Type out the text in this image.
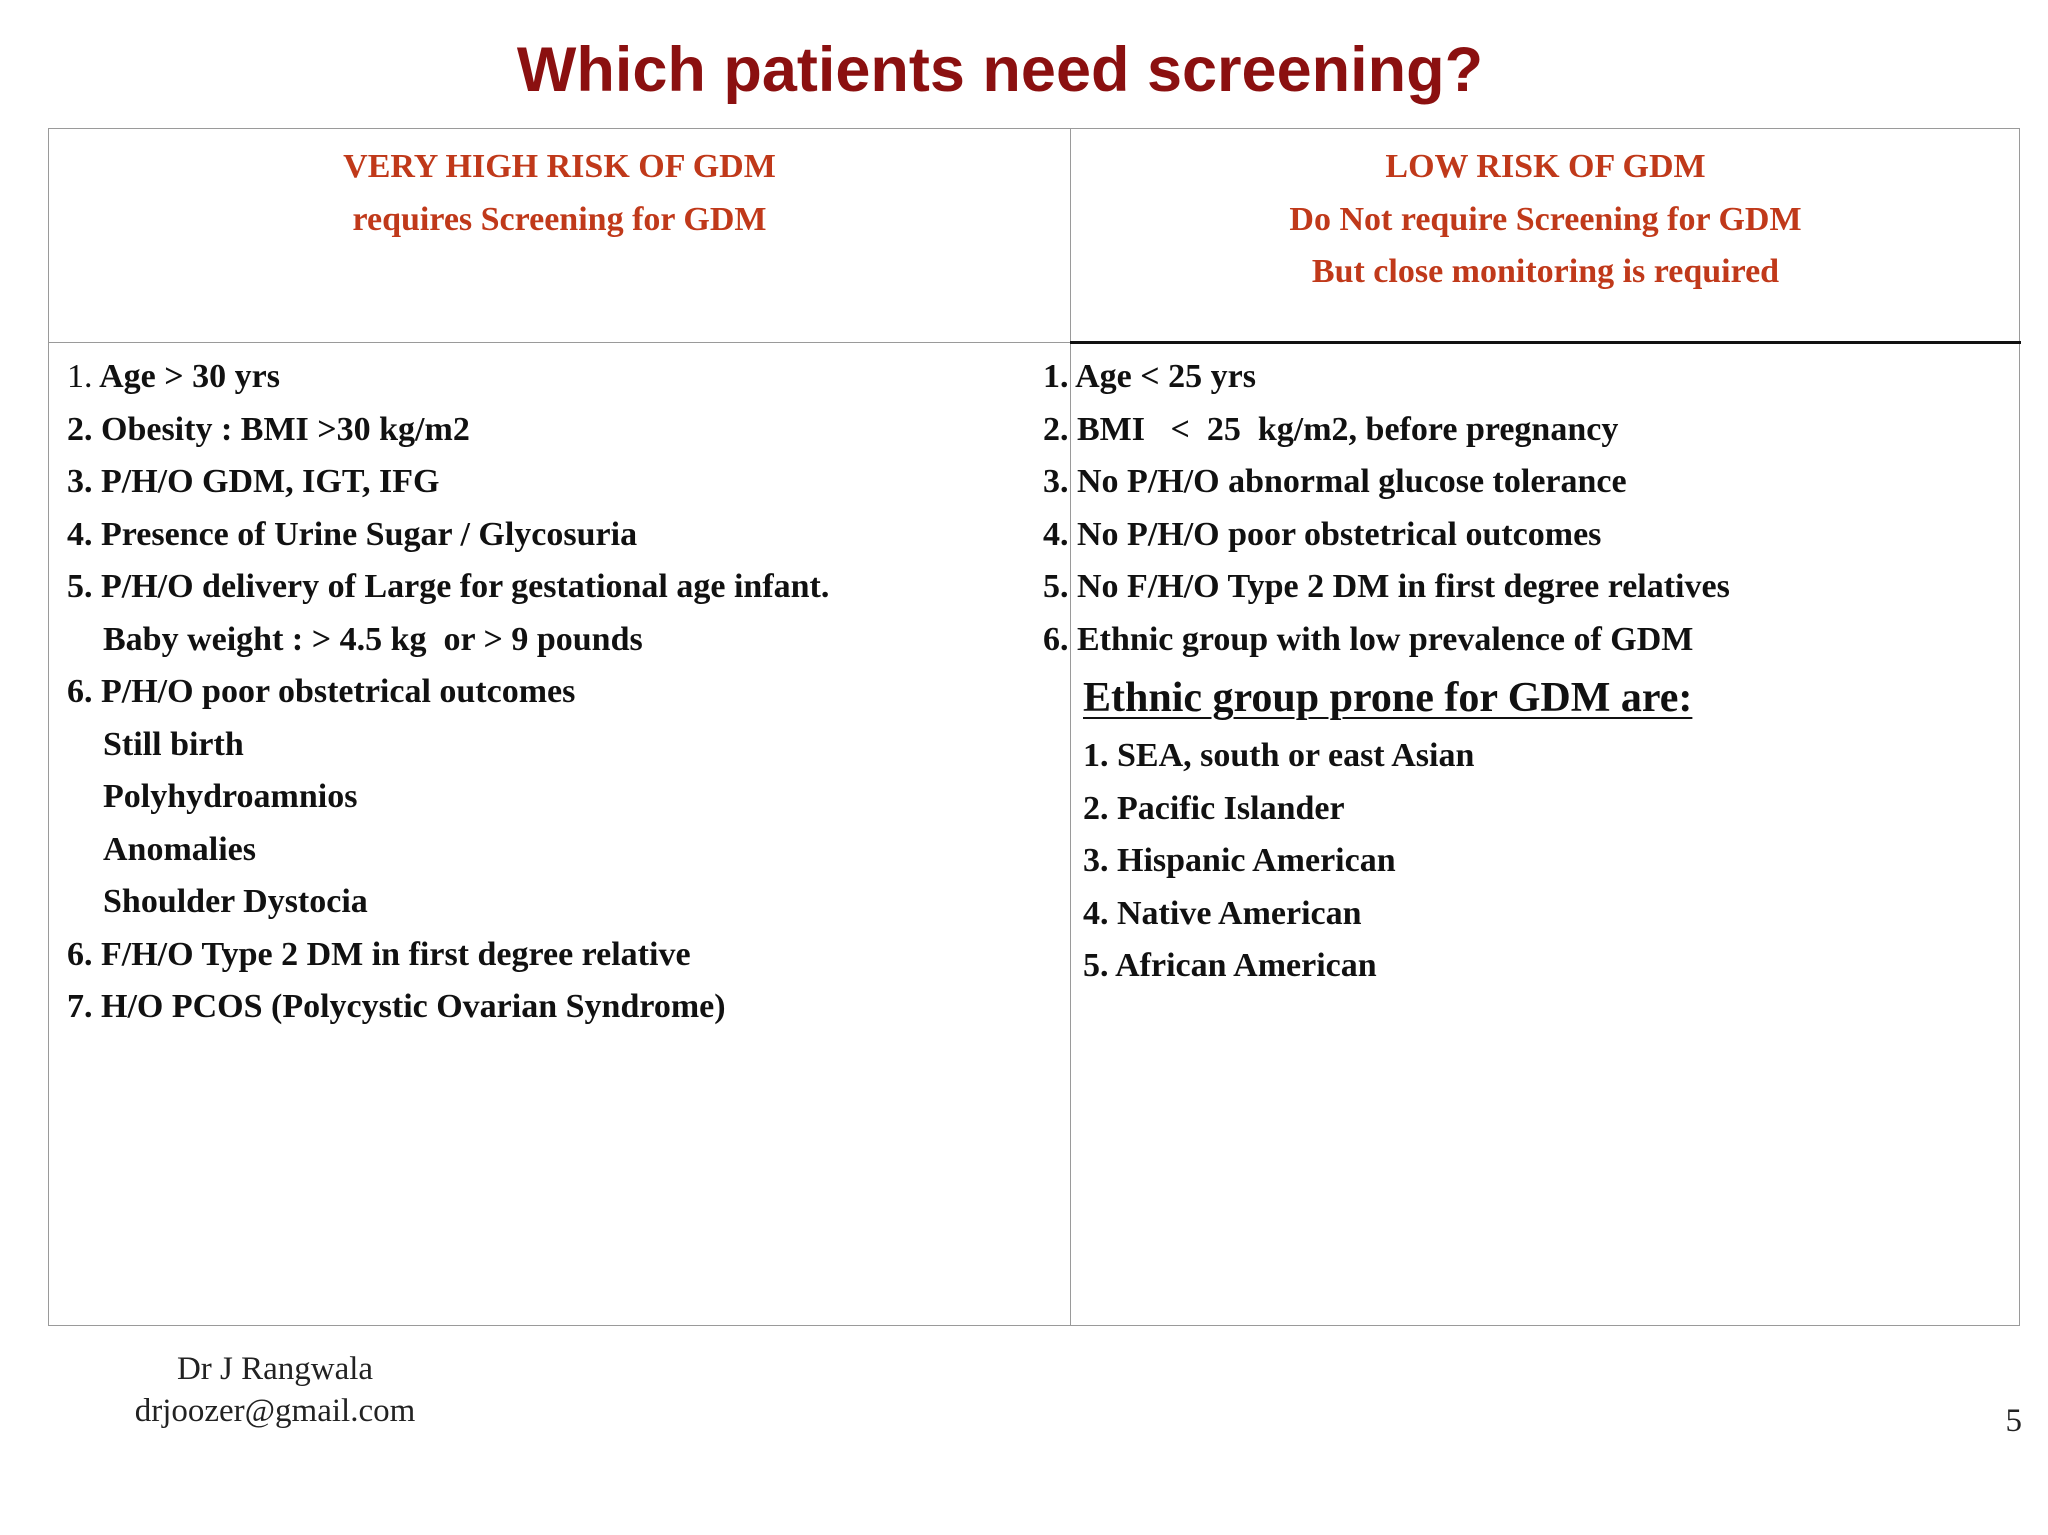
Which patients need screening?
VERY HIGH RISK OF GDM
requires Screening for GDM
LOW RISK OF GDM
Do Not require Screening for GDM
But close monitoring is required
1. Age > 30 yrs
2. Obesity : BMI >30 kg/m2
3. P/H/O GDM, IGT, IFG
4. Presence of Urine Sugar / Glycosuria
5. P/H/O delivery of Large for gestational age infant.
Baby weight : > 4.5 kg  or > 9 pounds
6. P/H/O poor obstetrical outcomes
Still birth
Polyhydroamnios
Anomalies
Shoulder Dystocia
6. F/H/O Type 2 DM in first degree relative
7. H/O PCOS (Polycystic Ovarian Syndrome)
1. Age < 25 yrs
2. BMI   <  25  kg/m2, before pregnancy
3. No P/H/O abnormal glucose tolerance
4. No P/H/O poor obstetrical outcomes
5. No F/H/O Type 2 DM in first degree relatives
6. Ethnic group with low prevalence of GDM
Ethnic group prone for GDM are:
1. SEA, south or east Asian
2. Pacific Islander
3. Hispanic American
4. Native American
5. African American
Dr J Rangwala
drjoozer@gmail.com	5
